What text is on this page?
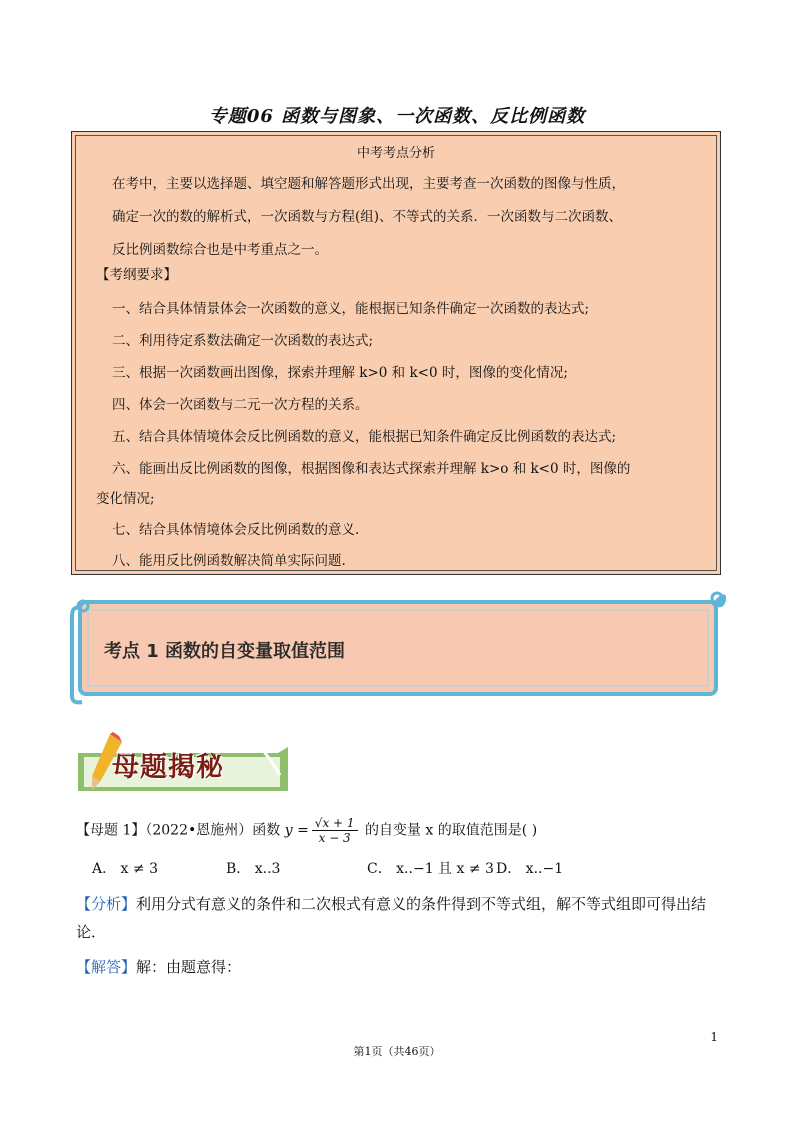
专题06 函数与图象、一次函数、反比例函数
中考考点分析
在考中，主要以选择题、填空题和解答题形式出现，主要考查一次函数的图像与性质，
确定一次的数的解析式，一次函数与方程(组)、不等式的关系．一次函数与二次函数、
反比例函数综合也是中考重点之一。
【考纲要求】
一、结合具体情景体会一次函数的意义，能根据已知条件确定一次函数的表达式;
二、利用待定系数法确定一次函数的表达式;
三、根据一次函数画出图像，探索并理解 k>0 和 k<0 时，图像的变化情况;
四、体会一次函数与二元一次方程的关系。
五、结合具体情境体会反比例函数的意义，能根据已知条件确定反比例函数的表达式;
六、能画出反比例函数的图像，根据图像和表达式探索并理解 k>o 和 k<0 时，图像的
变化情况;
七、结合具体情境体会反比例函数的意义.
八、能用反比例函数解决简单实际问题.
考点 1 函数的自变量取值范围
母题揭秘
【母题 1】（2022•恩施州）函数 $y = \frac{√x + 1}{x - 3}$ 的自变量 x 的取值范围是( )
A． x ≠ 3	B． x..3	C． x..−1 且 x ≠ 3 D． x..−1
【分析】利用分式有意义的条件和二次根式有意义的条件得到不等式组，解不等式组即可得出结论．
【解答】解：由题意得：
1
第1页（共46页）
